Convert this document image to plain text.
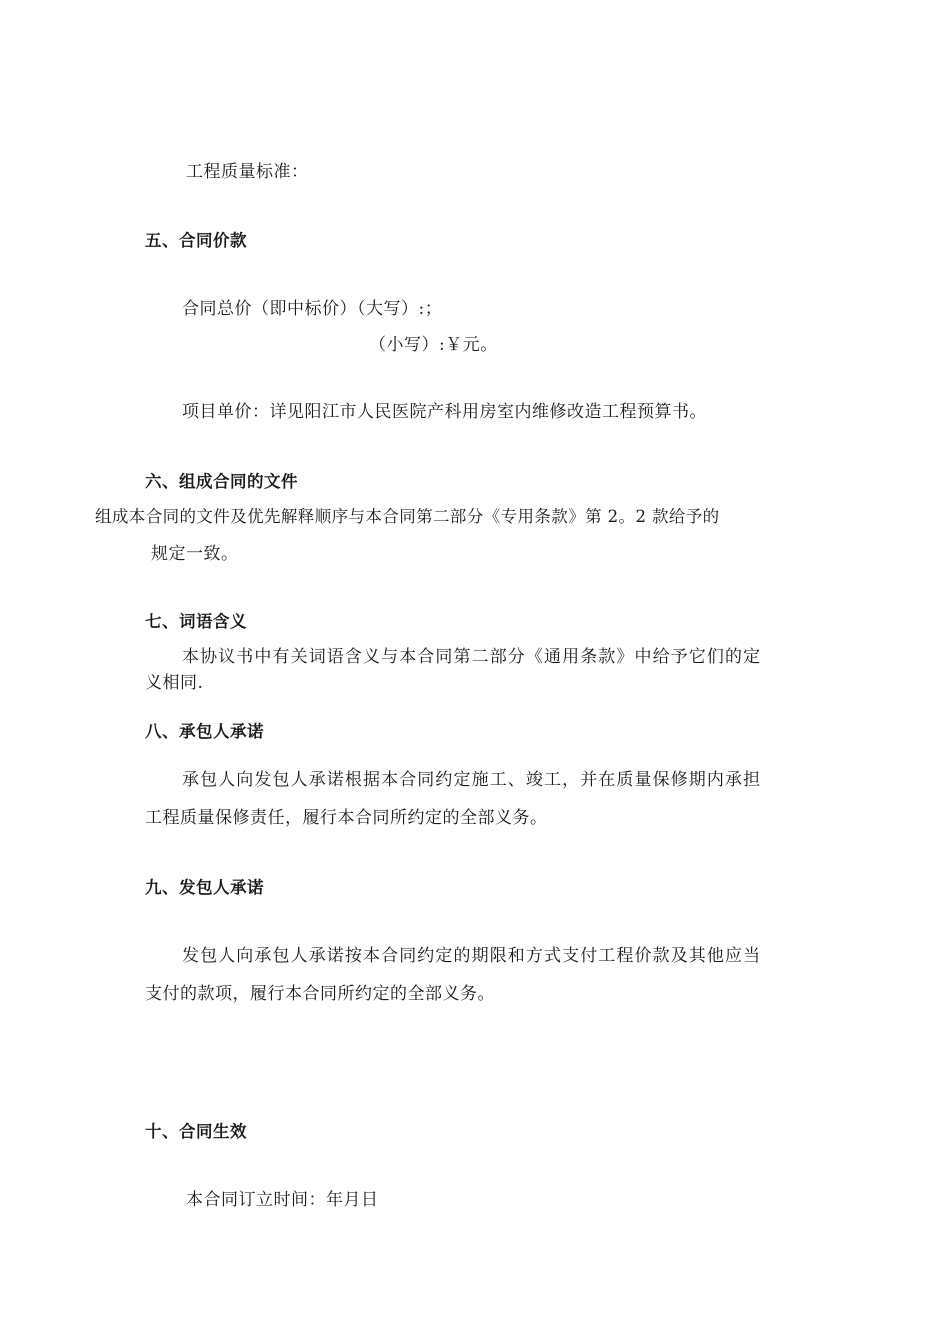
工程质量标准：
五、合同价款
合同总价（即中标价）（大写）:；
（小写）:￥元。
项目单价：详见阳江市人民医院产科用房室内维修改造工程预算书。
六、组成合同的文件
组成本合同的文件及优先解释顺序与本合同第二部分《专用条款》第 2。2 款给予的
规定一致。
七、词语含义
本协议书中有关词语含义与本合同第二部分《通用条款》中给予它们的定
义相同.
八、承包人承诺
承包人向发包人承诺根据本合同约定施工、竣工，并在质量保修期内承担
工程质量保修责任，履行本合同所约定的全部义务。
九、发包人承诺
发包人向承包人承诺按本合同约定的期限和方式支付工程价款及其他应当
支付的款项，履行本合同所约定的全部义务。
十、合同生效
本合同订立时间：年月日
